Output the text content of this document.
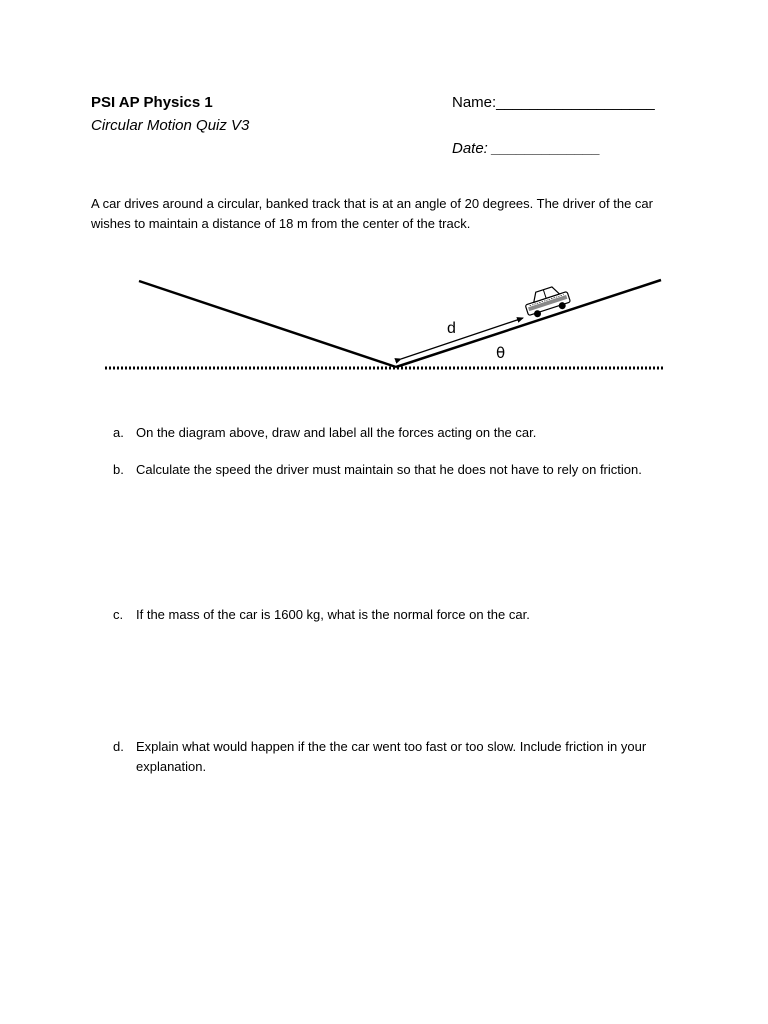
PSI AP Physics 1
Circular Motion Quiz V3
Name:___________________
Date: _____________
A car drives around a circular, banked track that is at an angle of 20 degrees. The driver of the car wishes to maintain a distance of 18 m from the center of the track.
d
θ
a. On the diagram above, draw and label all the forces acting on the car.
b. Calculate the speed the driver must maintain so that he does not have to rely on friction.
c. If the mass of the car is 1600 kg, what is the normal force on the car.
d. Explain what would happen if the the car went too fast or too slow. Include friction in your explanation.
